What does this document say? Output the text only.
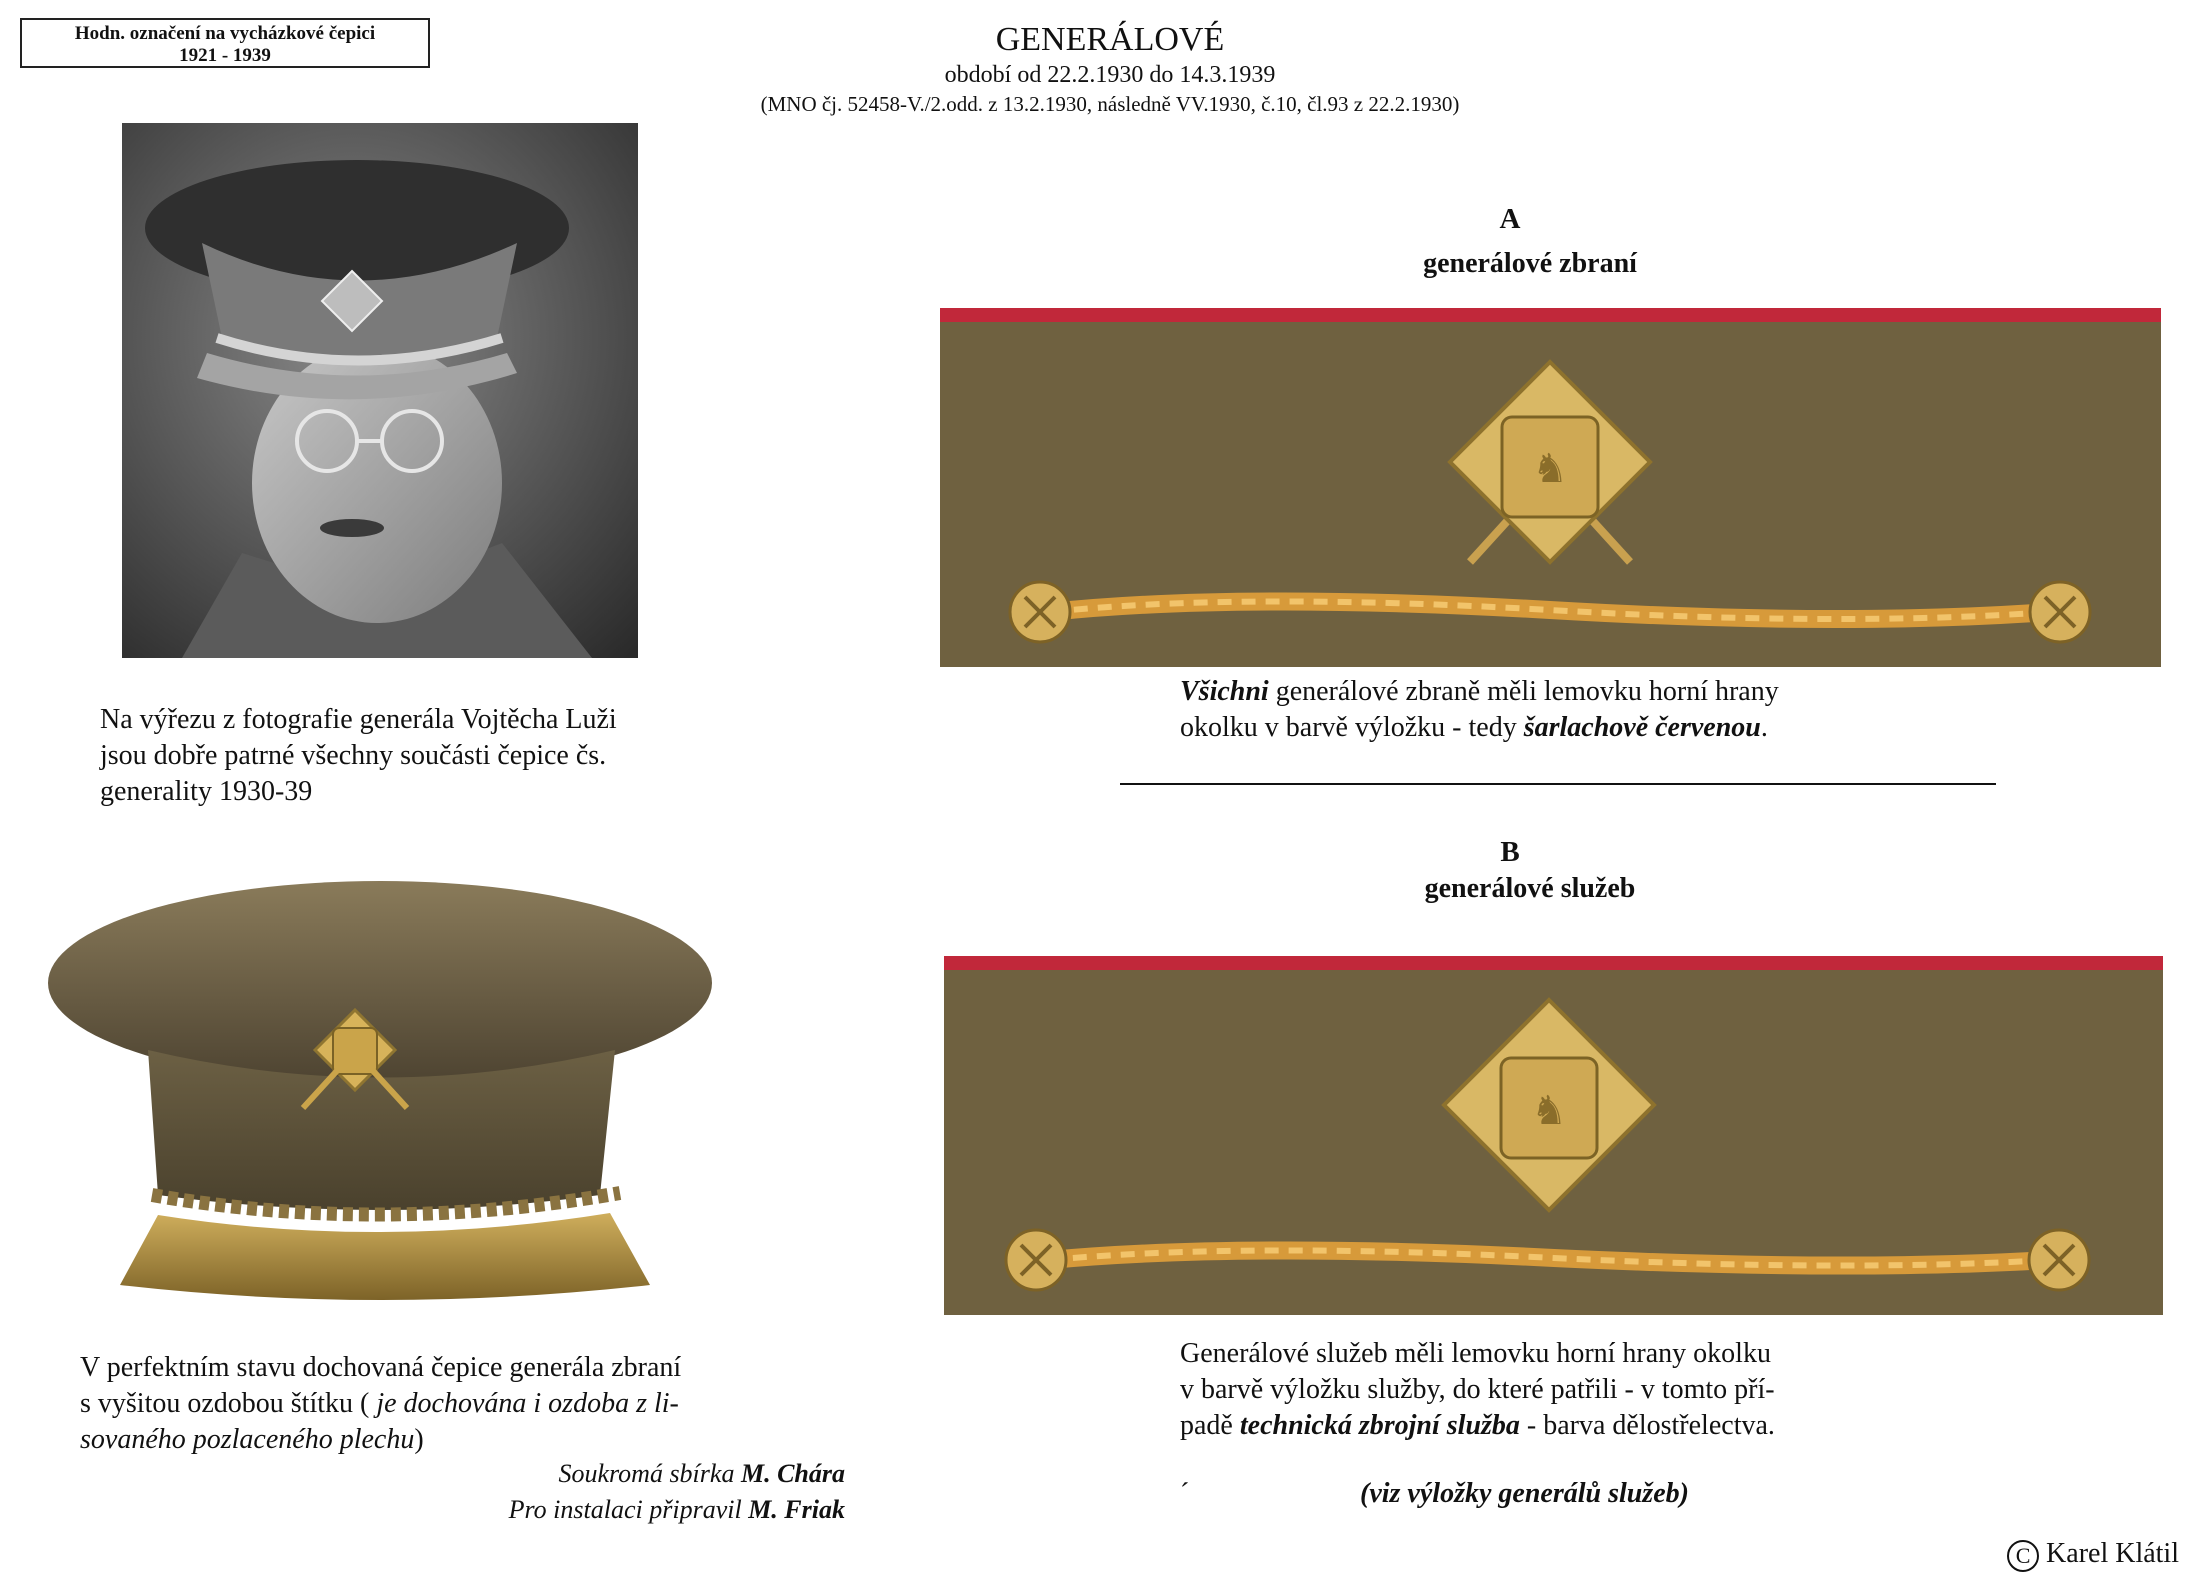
Hodn. označení na vycházkové čepici
1921 - 1939	GENERÁLOVÉ
období od 22.2.1930 do 14.3.1939
(MNO čj. 52458-V./2.odd. z 13.2.1930, následně VV.1930, č.10, čl.93 z 22.2.1930)
Na výřezu z fotografie generála Vojtěcha Luži
jsou dobře patrné všechny součásti čepice čs.
generality 1930-39
V perfektním stavu dochovaná čepice generála zbraní
s vyšitou ozdobou štítku ( je dochována i ozdoba z li-
sovaného pozlaceného plechu)
Soukromá sbírka M. Chára
Pro instalaci připravil M. Friak
A
generálové zbraní
♞
Všichni generálové zbraně měli lemovku horní hrany
okolku v barvě výložku - tedy šarlachově červenou.
B
generálové služeb
♞
Generálové služeb měli lemovku horní hrany okolku
v barvě výložku služby, do které patřili - v tomto pří-
padě technická zbrojní služba - barva dělostřelectva.
´	(viz výložky generálů služeb)
C Karel Klátil
